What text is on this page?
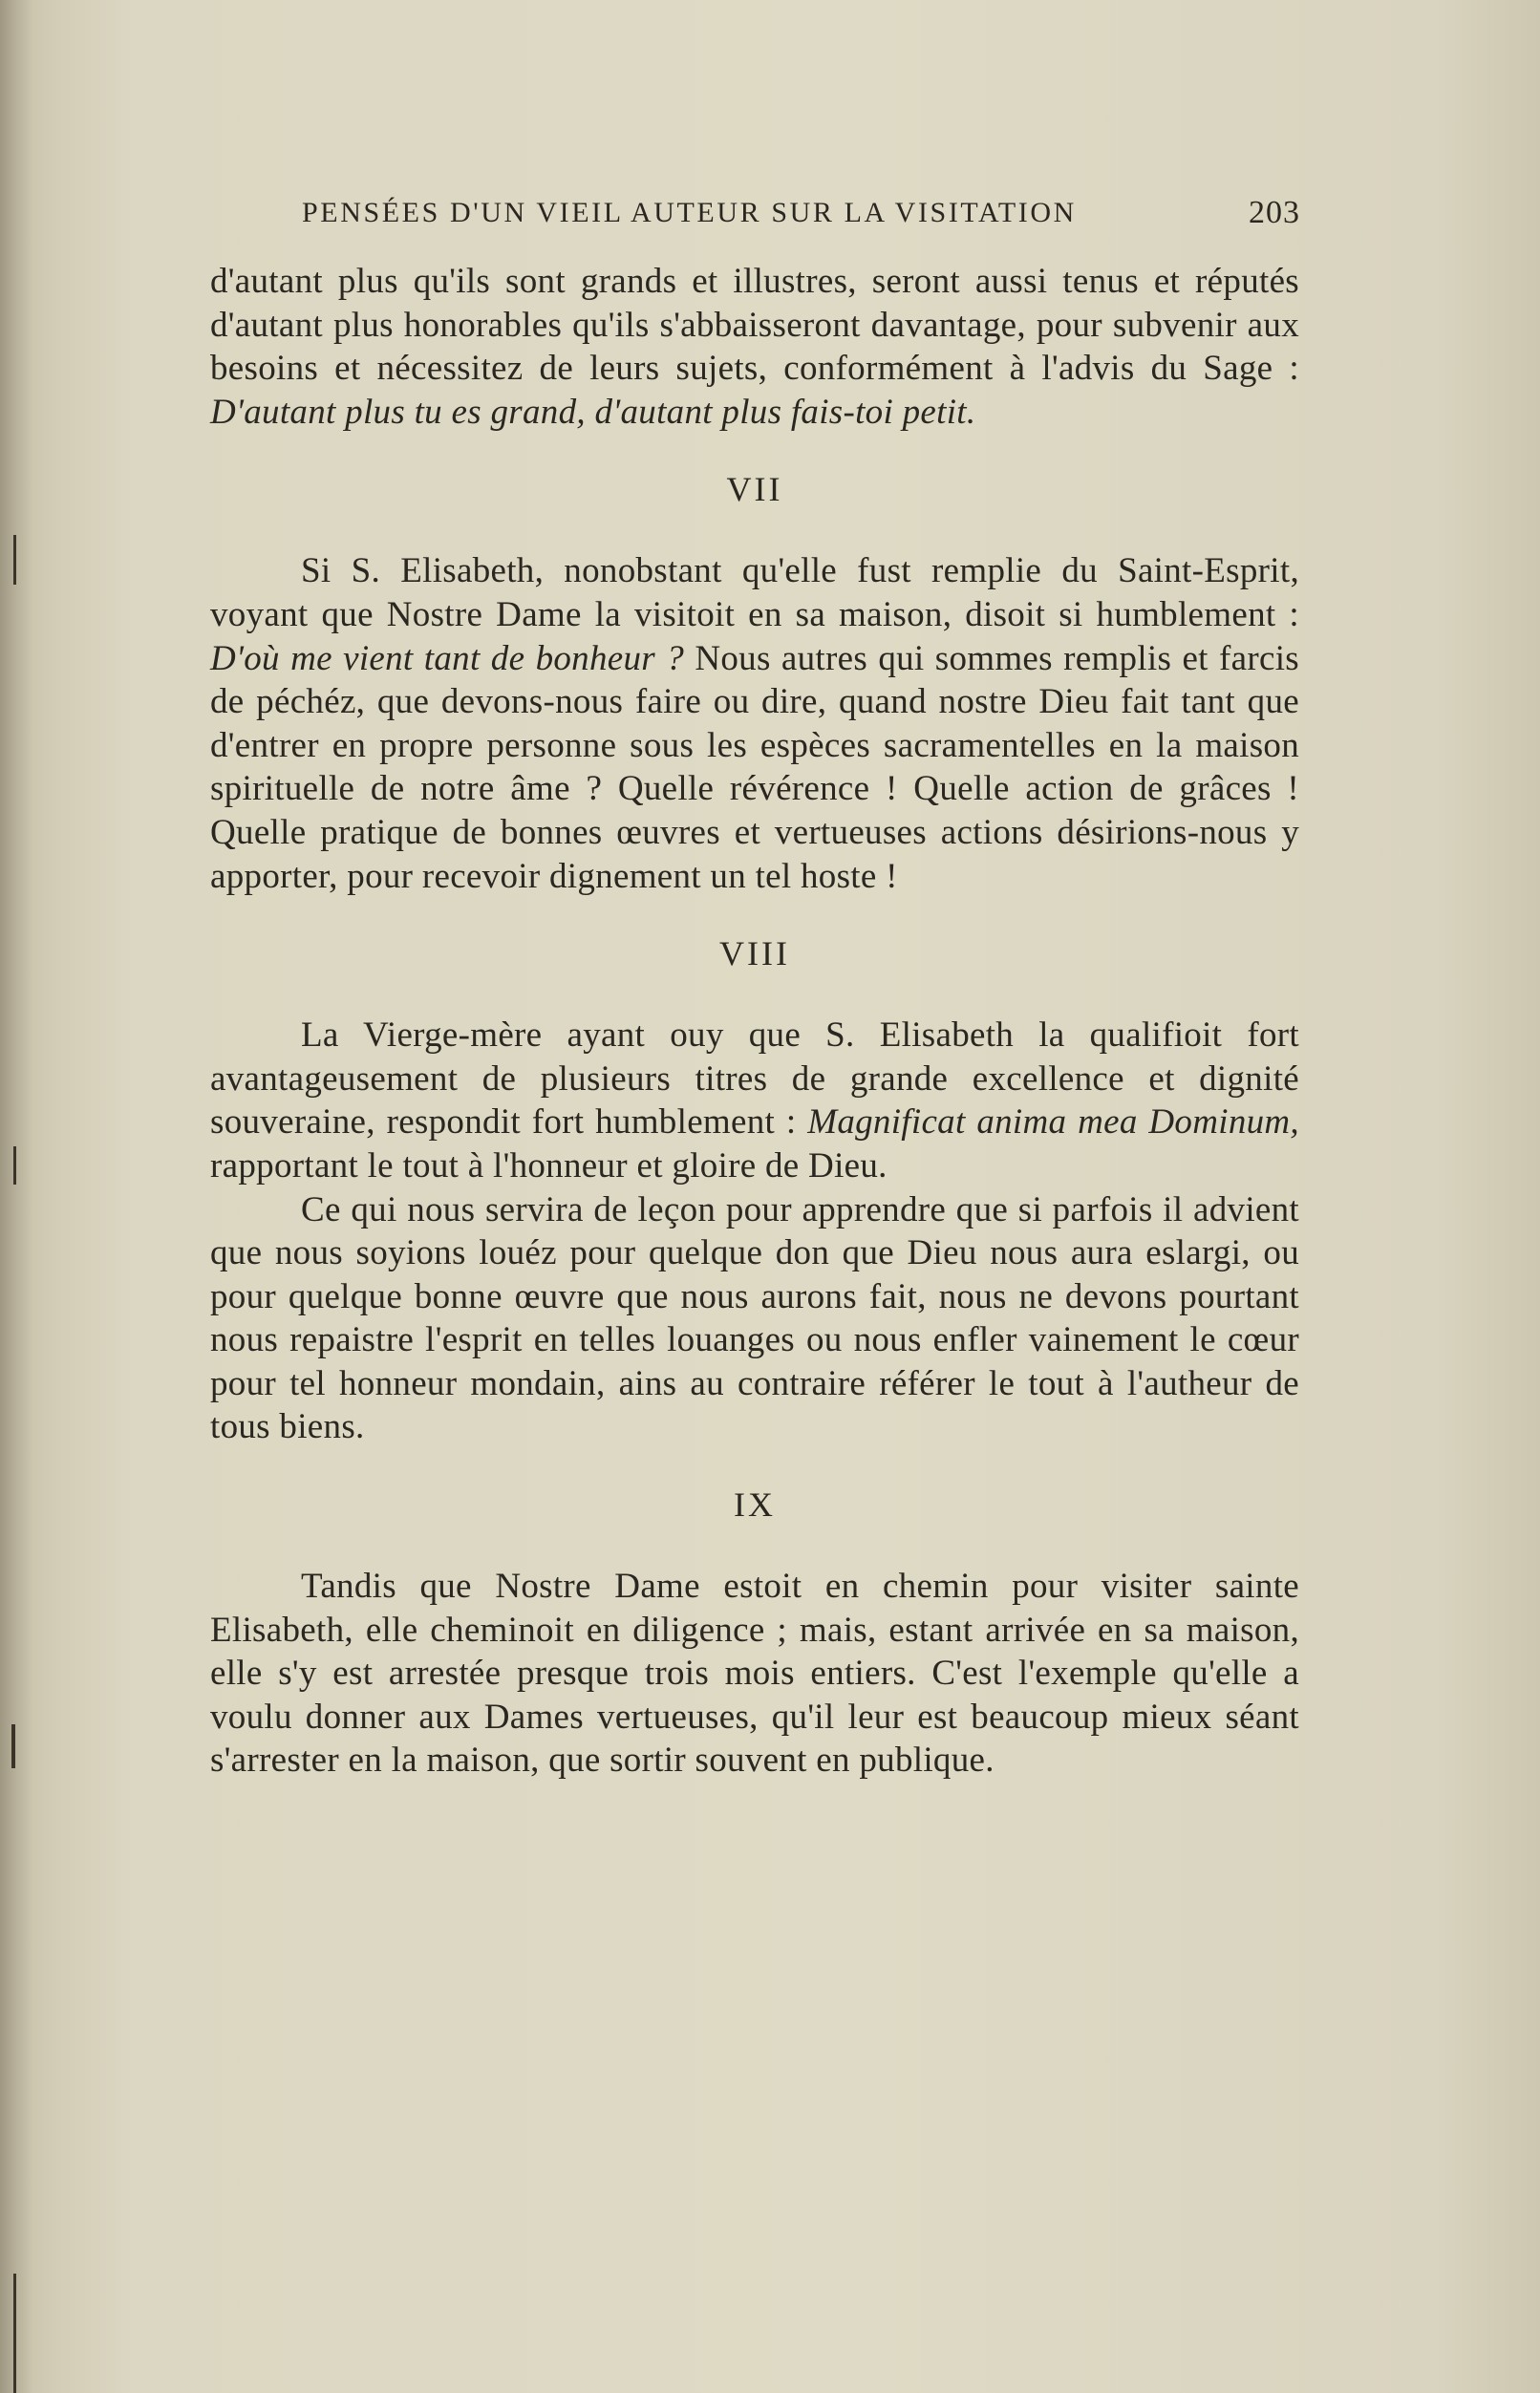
PENSÉES D'UN VIEIL AUTEUR SUR LA VISITATION	203

d'autant plus qu'ils sont grands et illustres, seront aussi tenus et réputés d'autant plus honorables qu'ils s'abbaisseront davantage, pour subvenir aux besoins et nécessitez de leurs sujets, conformément à l'advis du Sage : D'autant plus tu es grand, d'autant plus fais-toi petit.

VII

Si S. Elisabeth, nonobstant qu'elle fust remplie du Saint-Esprit, voyant que Nostre Dame la visitoit en sa maison, disoit si humblement : D'où me vient tant de bonheur ? Nous autres qui sommes remplis et farcis de péchéz, que devons-nous faire ou dire, quand nostre Dieu fait tant que d'entrer en propre personne sous les espèces sacramentelles en la maison spirituelle de notre âme ? Quelle révérence ! Quelle action de grâces ! Quelle pratique de bonnes œuvres et vertueuses actions désirions-nous y apporter, pour recevoir dignement un tel hoste !

VIII

La Vierge-mère ayant ouy que S. Elisabeth la qualifioit fort avantageusement de plusieurs titres de grande excellence et dignité souveraine, respondit fort humblement : Magnificat anima mea Dominum, rapportant le tout à l'honneur et gloire de Dieu.

Ce qui nous servira de leçon pour apprendre que si parfois il advient que nous soyions louéz pour quelque don que Dieu nous aura eslargi, ou pour quelque bonne œuvre que nous aurons fait, nous ne devons pourtant nous repaistre l'esprit en telles louanges ou nous enfler vainement le cœur pour tel honneur mondain, ains au contraire référer le tout à l'autheur de tous biens.

IX

Tandis que Nostre Dame estoit en chemin pour visiter sainte Elisabeth, elle cheminoit en diligence ; mais, estant arrivée en sa maison, elle s'y est arrestée presque trois mois entiers. C'est l'exemple qu'elle a voulu donner aux Dames vertueuses, qu'il leur est beaucoup mieux séant s'arrester en la maison, que sortir souvent en publique.
